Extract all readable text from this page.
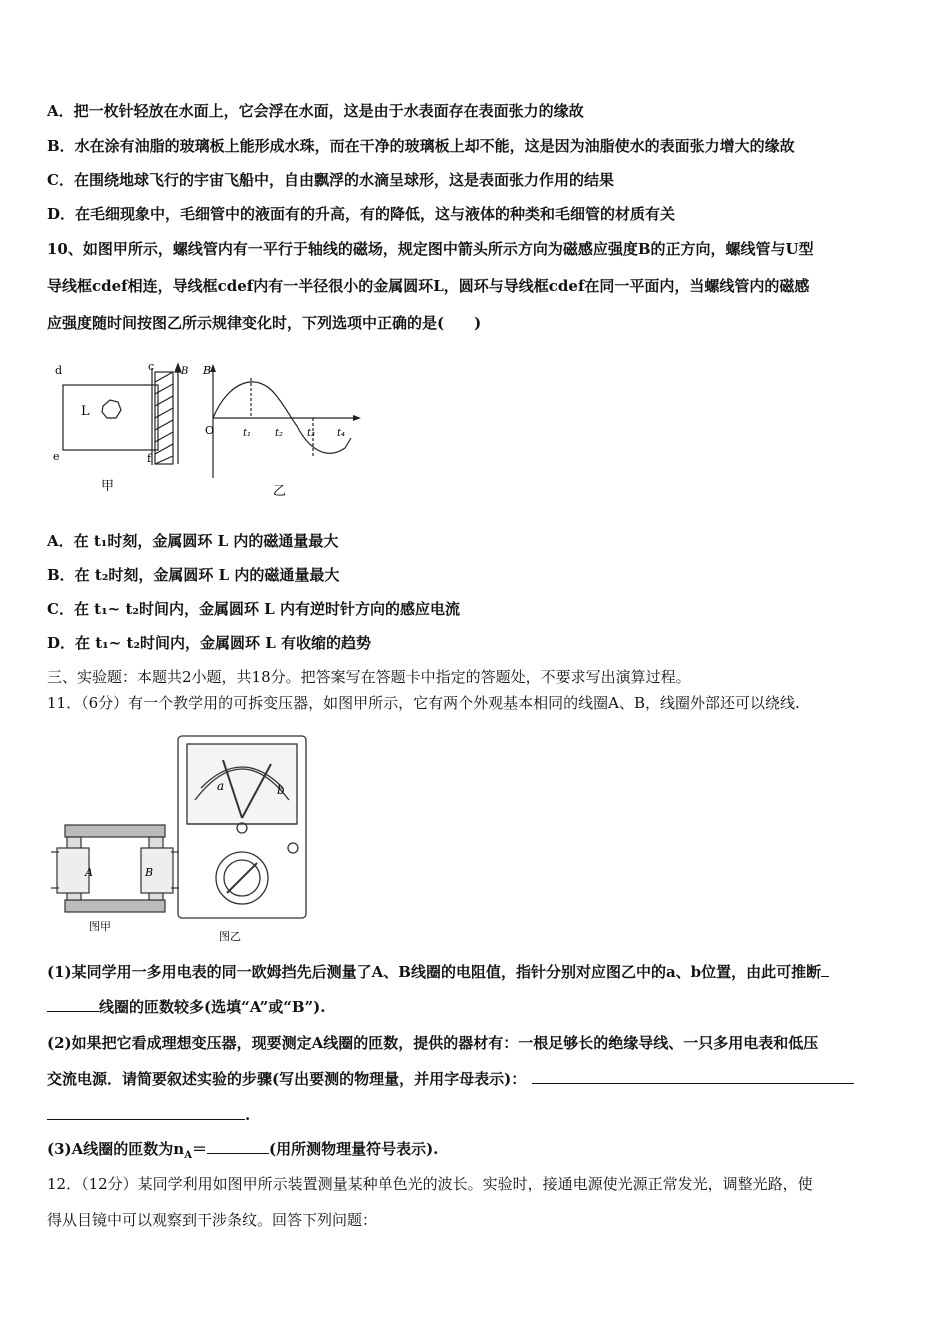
A．把一枚针轻放在水面上，它会浮在水面，这是由于水表面存在表面张力的缘故
B．水在涂有油脂的玻璃板上能形成水珠，而在干净的玻璃板上却不能，这是因为油脂使水的表面张力增大的缘故
C．在围绕地球飞行的宇宙飞船中，自由飘浮的水滴呈球形，这是表面张力作用的结果
D．在毛细现象中，毛细管中的液面有的升高，有的降低，这与液体的种类和毛细管的材质有关
10、如图甲所示，螺线管内有一平行于轴线的磁场，规定图中箭头所示方向为磁感应强度B的正方向，螺线管与U型
导线框cdef相连，导线框cdef内有一半径很小的金属圆环L，圆环与导线框cdef在同一平面内，当螺线管内的磁感
应强度随时间按图乙所示规律变化时，下列选项中正确的是(　　)
d	c
e	f
L
B B
O	t₁ t₂ t₃ t₄
甲	乙
A．在 t₁时刻，金属圆环 L 内的磁通量最大
B．在 t₂时刻，金属圆环 L 内的磁通量最大
C．在 t₁~ t₂时间内，金属圆环 L 内有逆时针方向的感应电流
D．在 t₁~ t₂时间内，金属圆环 L 有收缩的趋势
三、实验题：本题共2小题，共18分。把答案写在答题卡中指定的答题处，不要求写出演算过程。
11．（6分）有一个教学用的可拆变压器，如图甲所示，它有两个外观基本相同的线圈A、B，线圈外部还可以绕线.
A	B
图甲
a	b
图乙
(1)某同学用一多用电表的同一欧姆挡先后测量了A、B线圈的电阻值，指针分别对应图乙中的a、b位置，由此可推断
线圈的匝数较多(选填“A”或“B”).
(2)如果把它看成理想变压器，现要测定A线圈的匝数，提供的器材有：一根足够长的绝缘导线、一只多用电表和低压
交流电源．请简要叙述实验的步骤(写出要测的物理量，并用字母表示)：
.
(3)A线圈的匝数为$n_A=$	(用所测物理量符号表示).
12．（12分）某同学利用如图甲所示装置测量某种单色光的波长。实验时，接通电源使光源正常发光，调整光路，使
得从目镜中可以观察到干涉条纹。回答下列问题：
